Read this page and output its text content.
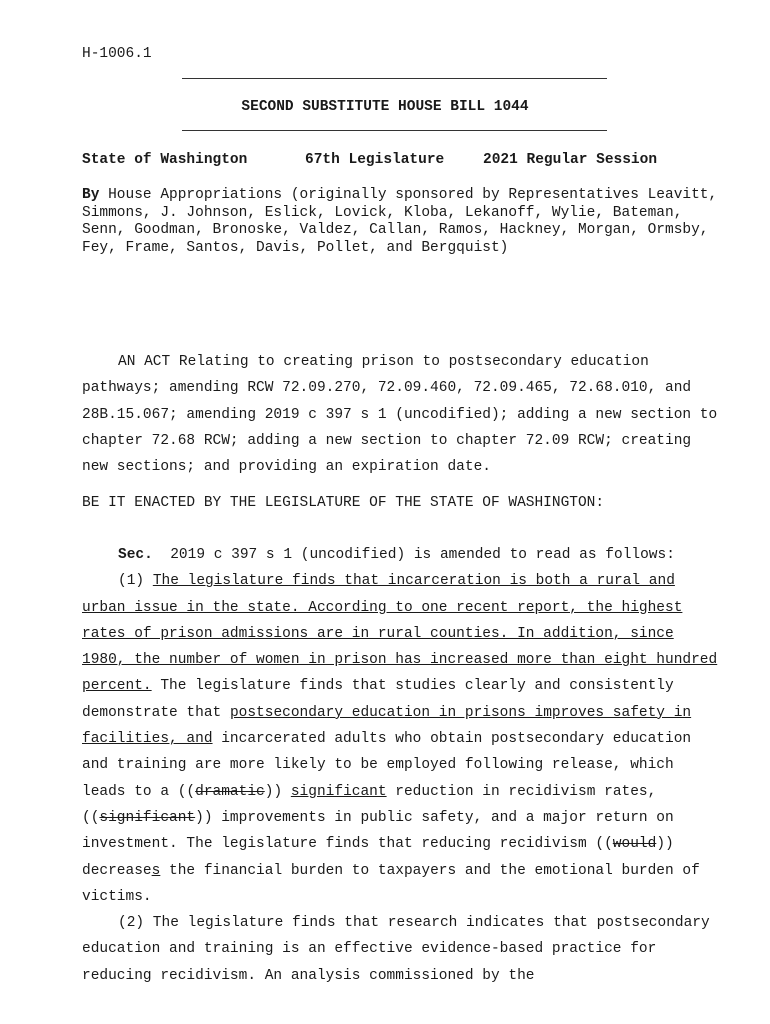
H-1006.1
SECOND SUBSTITUTE HOUSE BILL 1044
State of Washington	67th Legislature	2021 Regular Session
By House Appropriations (originally sponsored by Representatives Leavitt, Simmons, J. Johnson, Eslick, Lovick, Kloba, Lekanoff, Wylie, Bateman, Senn, Goodman, Bronoske, Valdez, Callan, Ramos, Hackney, Morgan, Ormsby, Fey, Frame, Santos, Davis, Pollet, and Bergquist)
AN ACT Relating to creating prison to postsecondary education pathways; amending RCW 72.09.270, 72.09.460, 72.09.465, 72.68.010, and 28B.15.067; amending 2019 c 397 s 1 (uncodified); adding a new section to chapter 72.68 RCW; adding a new section to chapter 72.09 RCW; creating new sections; and providing an expiration date.
BE IT ENACTED BY THE LEGISLATURE OF THE STATE OF WASHINGTON:
Sec. 2019 c 397 s 1 (uncodified) is amended to read as follows:
(1) The legislature finds that incarceration is both a rural and urban issue in the state. According to one recent report, the highest rates of prison admissions are in rural counties. In addition, since 1980, the number of women in prison has increased more than eight hundred percent. The legislature finds that studies clearly and consistently demonstrate that postsecondary education in prisons improves safety in facilities, and incarcerated adults who obtain postsecondary education and training are more likely to be employed following release, which leads to a ((dramatic)) significant reduction in recidivism rates, ((significant)) improvements in public safety, and a major return on investment. The legislature finds that reducing recidivism ((would)) decreases the financial burden to taxpayers and the emotional burden of victims.
(2) The legislature finds that research indicates that postsecondary education and training is an effective evidence-based practice for reducing recidivism. An analysis commissioned by the
